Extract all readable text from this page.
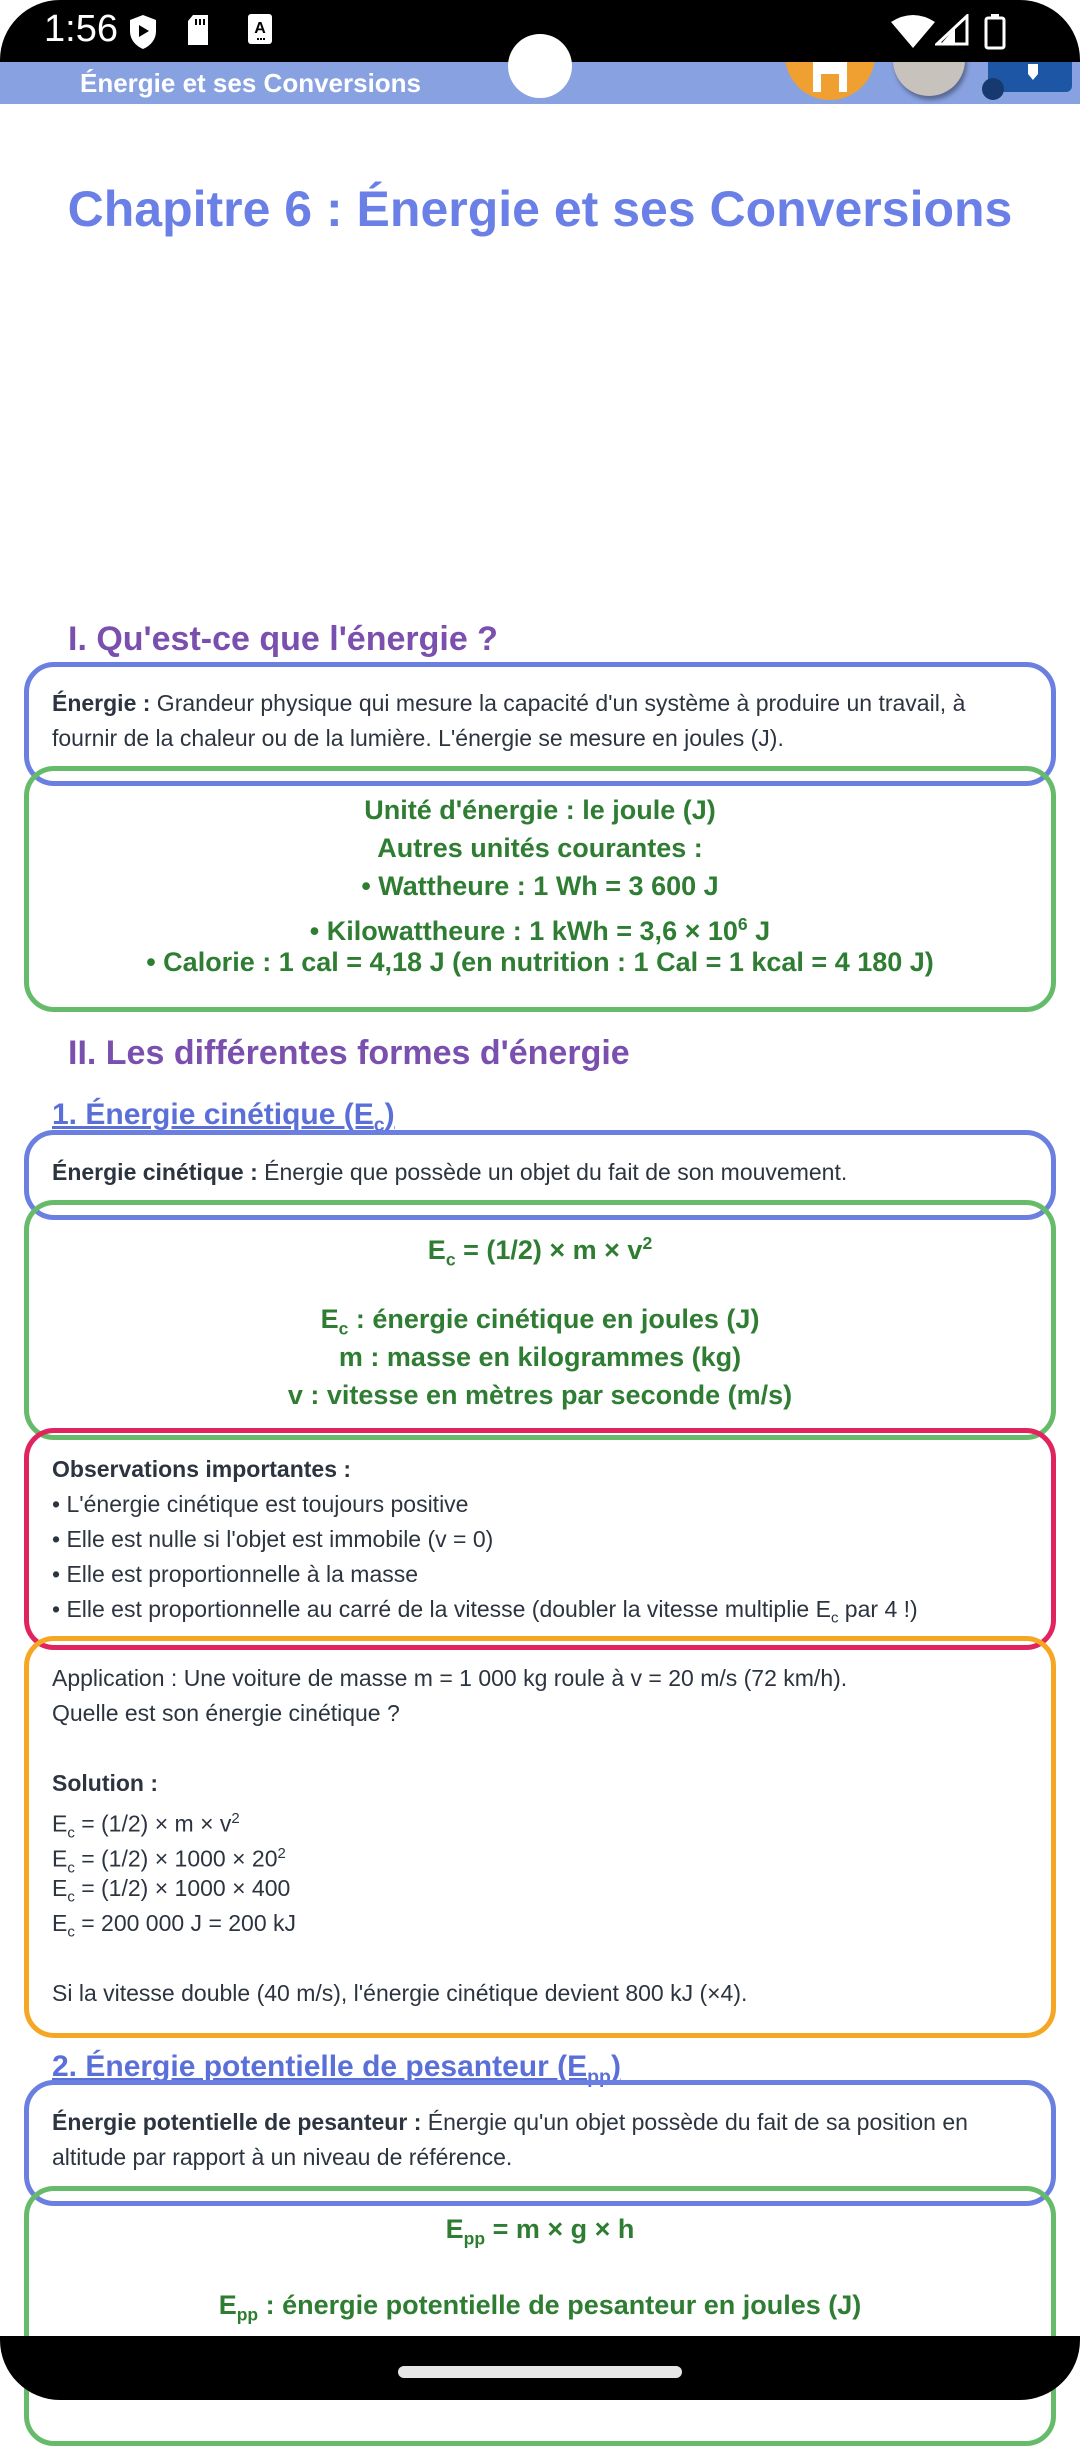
1:56	A
Énergie et ses Conversions
Chapitre 6 : Énergie et ses Conversions
I. Qu'est-ce que l'énergie ?
Énergie : Grandeur physique qui mesure la capacité d'un système à produire un travail, à fournir de la chaleur ou de la lumière. L'énergie se mesure en joules (J).
Unité d'énergie : le joule (J)
Autres unités courantes :
• Wattheure : 1 Wh = 3 600 J
• Kilowattheure : 1 kWh = $3,6 \times 10^6$ J
• Calorie : 1 cal = 4,18 J (en nutrition : 1 Cal = 1 kcal = 4 180 J)
II. Les différentes formes d'énergie
1. Énergie cinétique $(E_c)$
Énergie cinétique : Énergie que possède un objet du fait de son mouvement.
$E_c = (1/2) \times m \times v^2$
$E_c$ : énergie cinétique en joules (J)
m : masse en kilogrammes (kg)
v : vitesse en mètres par seconde (m/s)
Observations importantes :
• L'énergie cinétique est toujours positive
• Elle est nulle si l'objet est immobile (v = 0)
• Elle est proportionnelle à la masse
• Elle est proportionnelle au carré de la vitesse (doubler la vitesse multiplie $E_c$ par 4 !)
Application : Une voiture de masse m = 1 000 kg roule à v = 20 m/s (72 km/h).
Quelle est son énergie cinétique ?
Solution :
$E_c = (1/2) \times m \times v^2$
$E_c = (1/2) \times 1000 \times 20^2$
$E_c = (1/2) \times 1000 \times 400$
$E_c = 200$ 000 J = 200 kJ
Si la vitesse double (40 m/s), l'énergie cinétique devient 800 kJ (×4).
2. Énergie potentielle de pesanteur $(E_{pp})$
Énergie potentielle de pesanteur : Énergie qu'un objet possède du fait de sa position en altitude par rapport à un niveau de référence.
$E_{pp} = m \times g \times h$
$E_{pp}$ : énergie potentielle de pesanteur en joules (J)
